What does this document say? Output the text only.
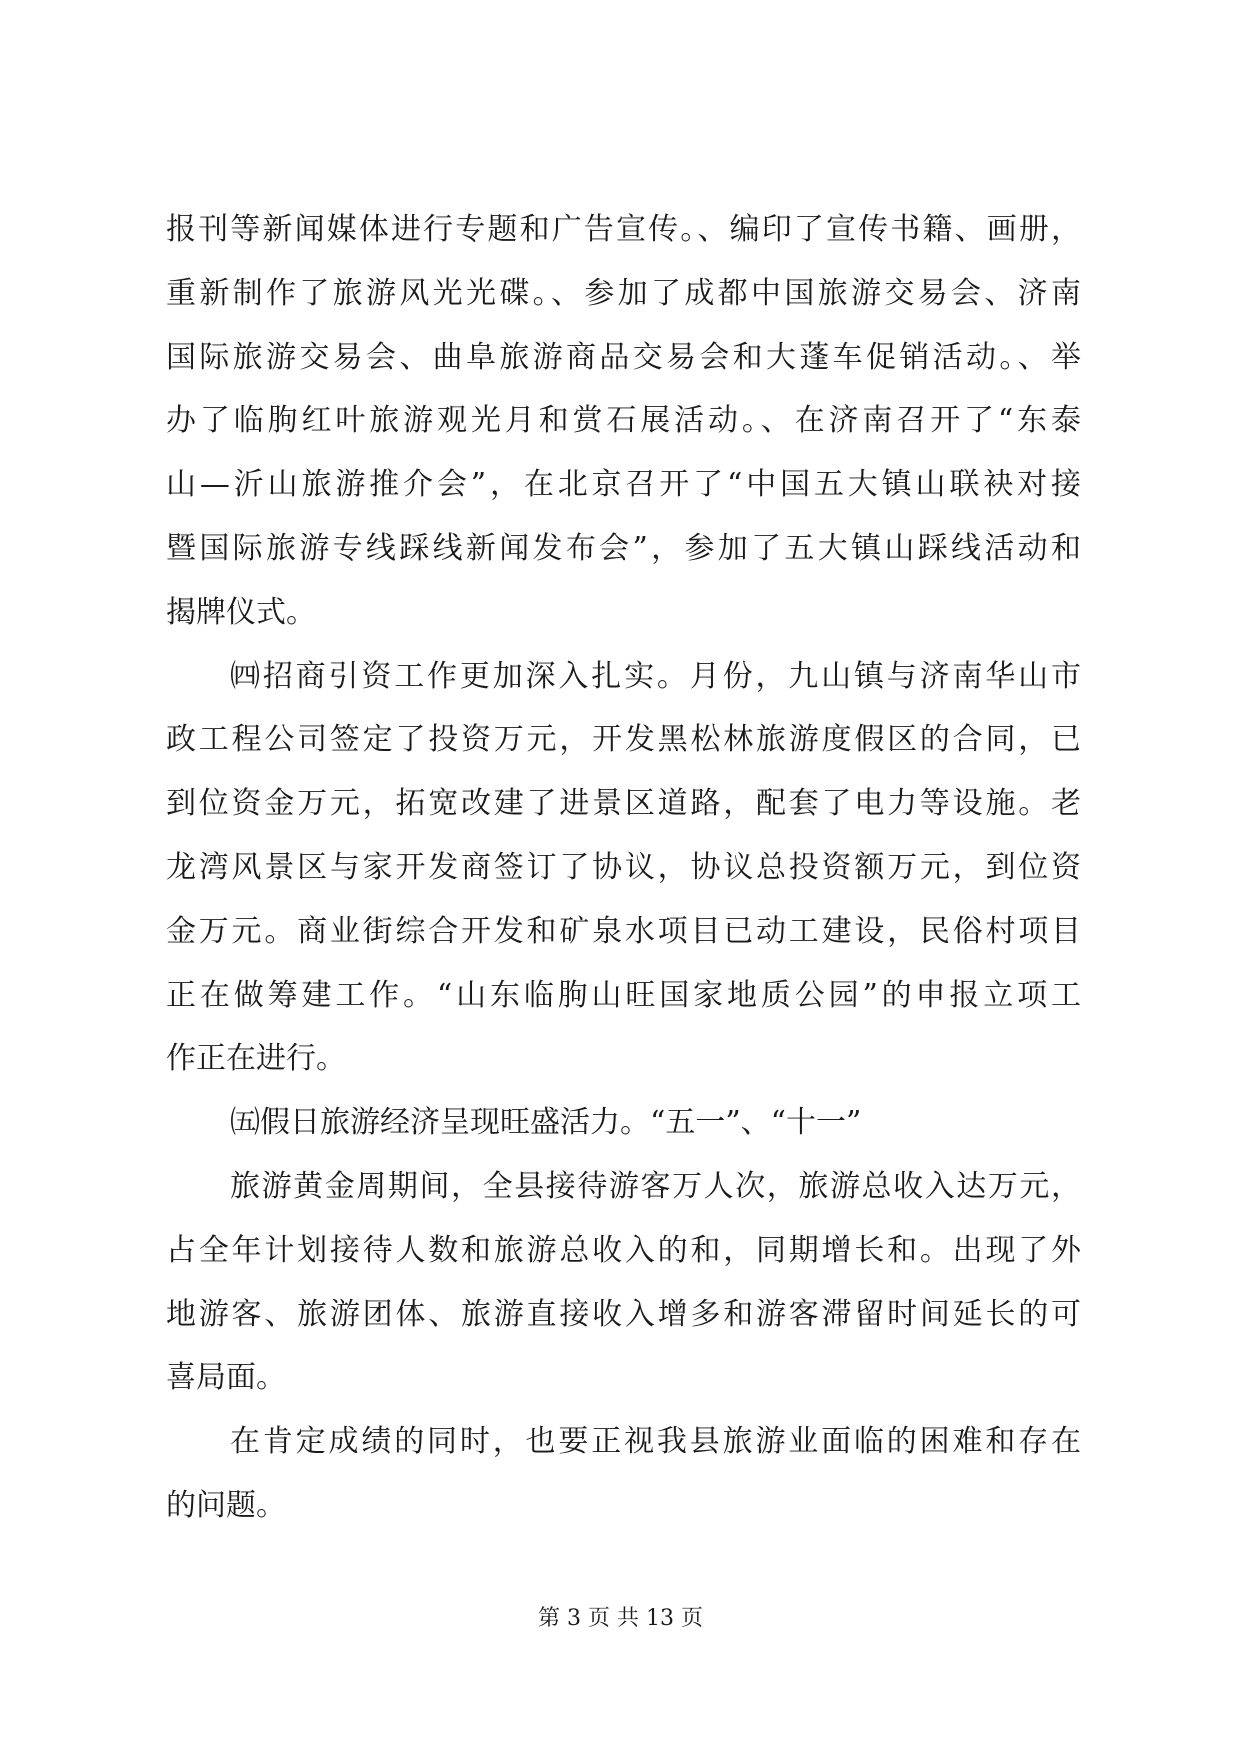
报刊等新闻媒体进行专题和广告宣传。、编印了宣传书籍、画册，
重新制作了旅游风光光碟。、参加了成都中国旅游交易会、济南
国际旅游交易会、曲阜旅游商品交易会和大蓬车促销活动。、举
办了临朐红叶旅游观光月和赏石展活动。、在济南召开了“东泰
山—沂山旅游推介会”，在北京召开了“中国五大镇山联袂对接
暨国际旅游专线踩线新闻发布会”，参加了五大镇山踩线活动和
揭牌仪式。
㈣招商引资工作更加深入扎实。月份，九山镇与济南华山市
政工程公司签定了投资万元，开发黑松林旅游度假区的合同，已
到位资金万元，拓宽改建了进景区道路，配套了电力等设施。老
龙湾风景区与家开发商签订了协议，协议总投资额万元，到位资
金万元。商业街综合开发和矿泉水项目已动工建设，民俗村项目
正在做筹建工作。“山东临朐山旺国家地质公园”的申报立项工
作正在进行。
㈤假日旅游经济呈现旺盛活力。“五一”、“十一”
旅游黄金周期间，全县接待游客万人次，旅游总收入达万元，
占全年计划接待人数和旅游总收入的和，同期增长和。出现了外
地游客、旅游团体、旅游直接收入增多和游客滞留时间延长的可
喜局面。
在肯定成绩的同时，也要正视我县旅游业面临的困难和存在
的问题。
第 3 页 共 13 页
